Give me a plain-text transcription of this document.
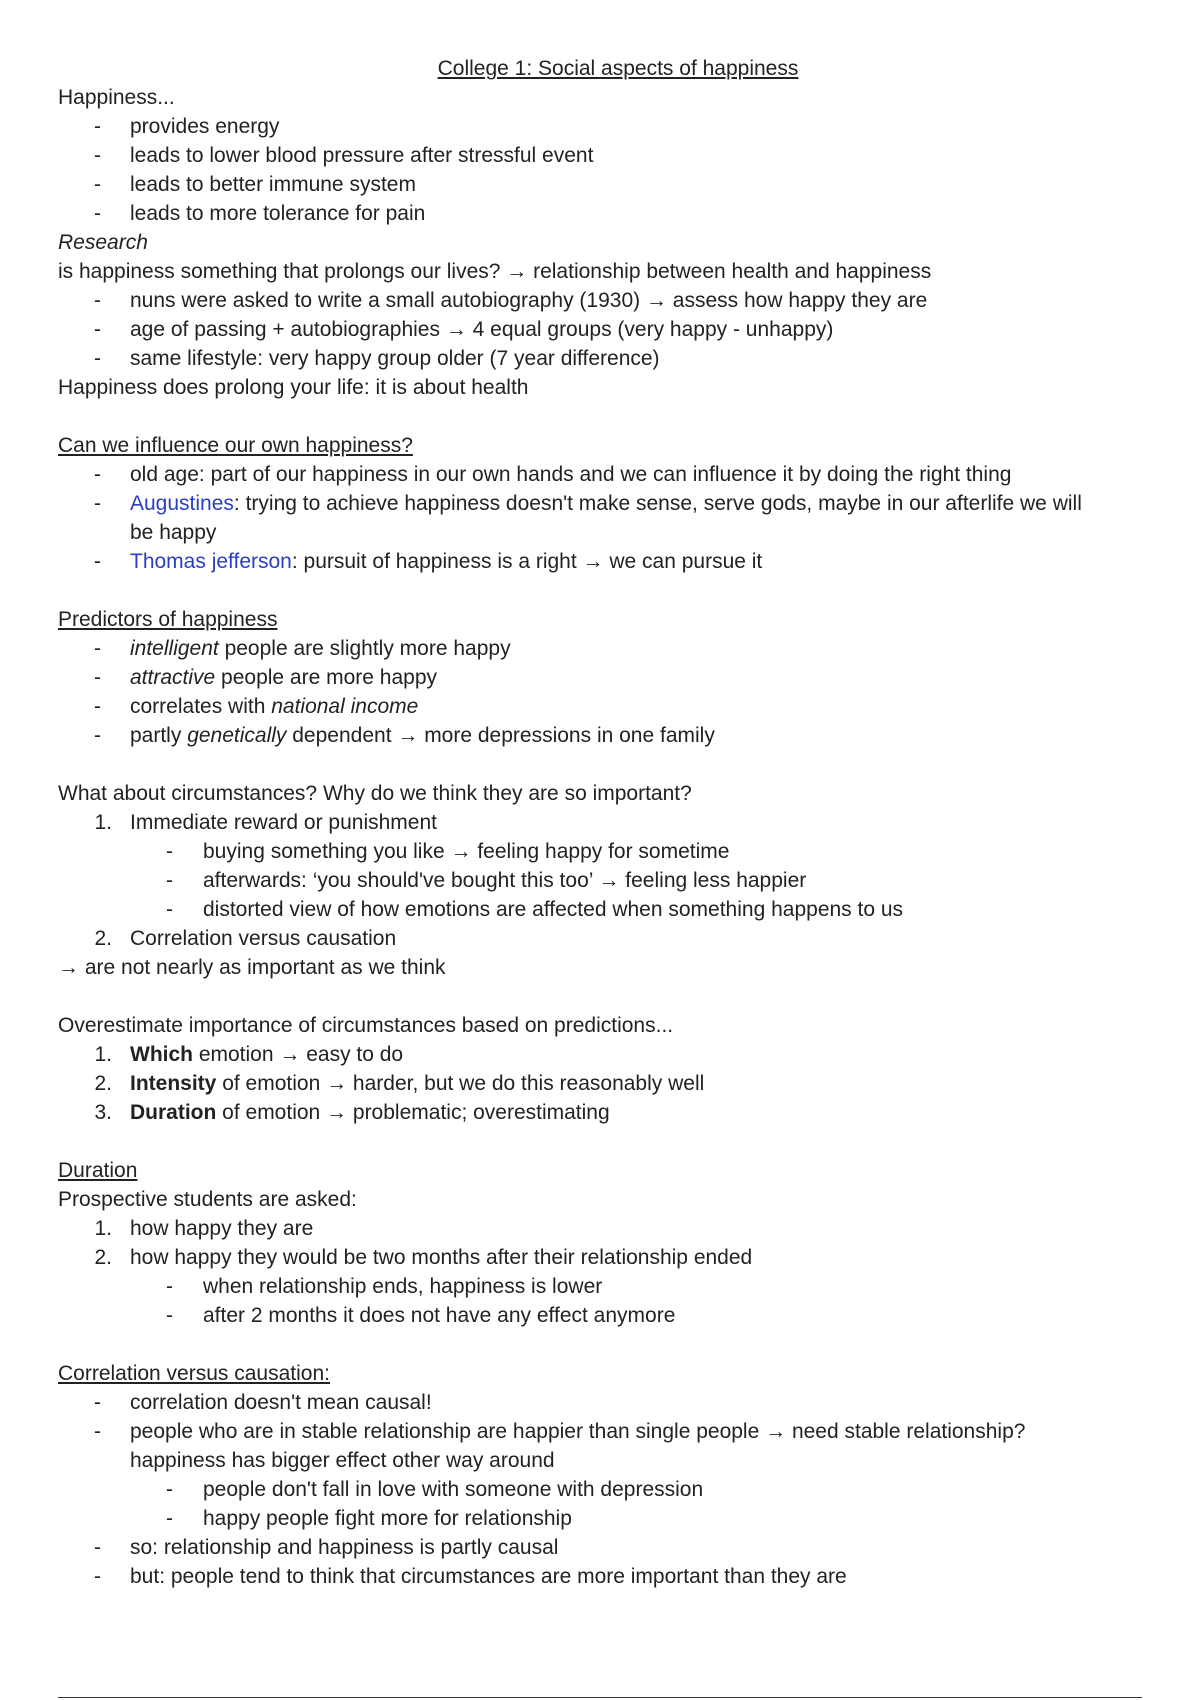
College 1: Social aspects of happiness
Happiness...
-	provides energy
-	leads to lower blood pressure after stressful event
-	leads to better immune system
-	leads to more tolerance for pain
Research
is happiness something that prolongs our lives? → relationship between health and happiness
-	nuns were asked to write a small autobiography (1930) → assess how happy they are
-	age of passing + autobiographies → 4 equal groups (very happy - unhappy)
-	same lifestyle: very happy group older (7 year difference)
Happiness does prolong your life: it is about health
Can we influence our own happiness?
-	old age: part of our happiness in our own hands and we can influence it by doing the right thing
-	Augustines: trying to achieve happiness doesn't make sense, serve gods, maybe in our afterlife we will
be happy
-	Thomas jefferson: pursuit of happiness is a right → we can pursue it
Predictors of happiness
-	intelligent people are slightly more happy
-	attractive people are more happy
-	correlates with national income
-	partly genetically dependent → more depressions in one family
What about circumstances? Why do we think they are so important?
1. Immediate reward or punishment
-	buying something you like → feeling happy for sometime
-	afterwards: ‘you should've bought this too’ → feeling less happier
-	distorted view of how emotions are affected when something happens to us
2. Correlation versus causation
→ are not nearly as important as we think
Overestimate importance of circumstances based on predictions...
1. Which emotion → easy to do
2. Intensity of emotion → harder, but we do this reasonably well
3. Duration of emotion → problematic; overestimating
Duration
Prospective students are asked:
1. how happy they are
2. how happy they would be two months after their relationship ended
-	when relationship ends, happiness is lower
-	after 2 months it does not have any effect anymore
Correlation versus causation:
-	correlation doesn't mean causal!
-	people who are in stable relationship are happier than single people → need stable relationship?
happiness has bigger effect other way around
-	people don't fall in love with someone with depression
-	happy people fight more for relationship
-	so: relationship and happiness is partly causal
-	but: people tend to think that circumstances are more important than they are
